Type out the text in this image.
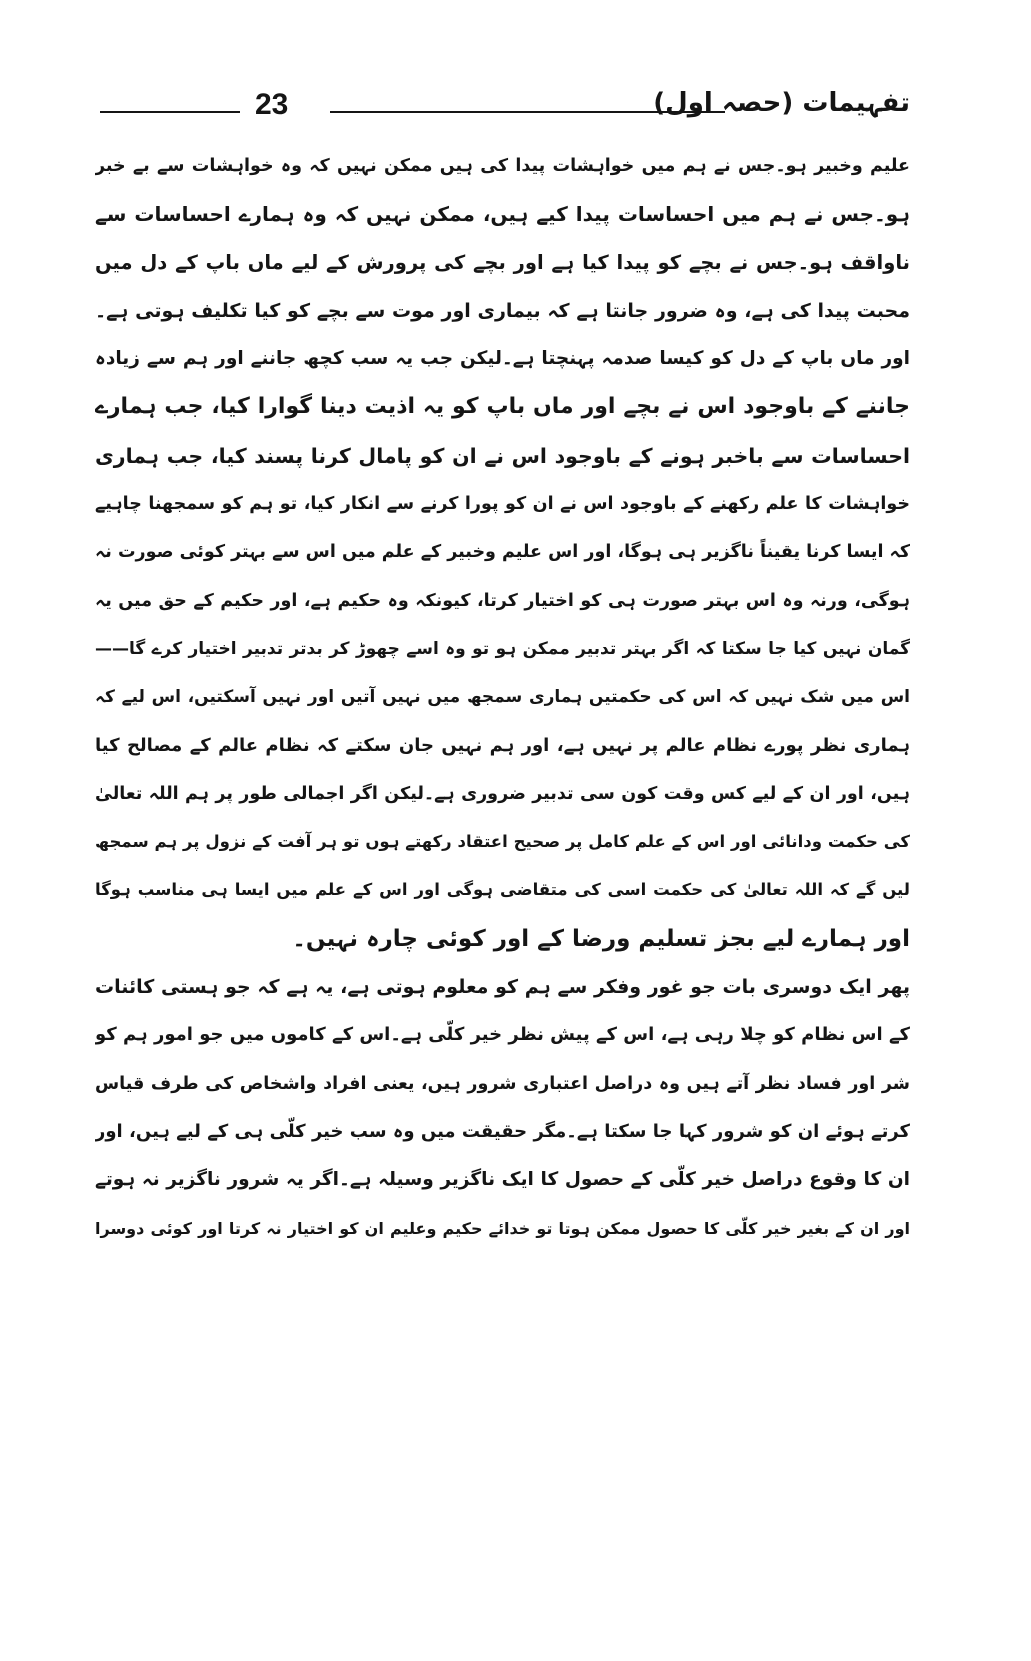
23	تفہیمات (حصہ اول)
علیم وخبیر ہو۔جس نے ہم میں خواہشات پیدا کی ہیں ممکن نہیں کہ وہ خواہشات سے بے خبر
ہو۔جس نے ہم میں احساسات پیدا کیے ہیں، ممکن نہیں کہ وہ ہمارے احساسات سے
ناواقف ہو۔جس نے بچے کو پیدا کیا ہے اور بچے کی پرورش کے لیے ماں باپ کے دل میں
محبت پیدا کی ہے، وہ ضرور جانتا ہے کہ بیماری اور موت سے بچے کو کیا تکلیف ہوتی ہے۔
اور ماں باپ کے دل کو کیسا صدمہ پہنچتا ہے۔لیکن جب یہ سب کچھ جاننے اور ہم سے زیادہ
جاننے کے باوجود اس نے بچے اور ماں باپ کو یہ اذیت دینا گوارا کیا، جب ہمارے
احساسات سے باخبر ہونے کے باوجود اس نے ان کو پامال کرنا پسند کیا، جب ہماری
خواہشات کا علم رکھنے کے باوجود اس نے ان کو پورا کرنے سے انکار کیا، تو ہم کو سمجھنا چاہیے
کہ ایسا کرنا یقیناً ناگزیر ہی ہوگا، اور اس علیم وخبیر کے علم میں اس سے بہتر کوئی صورت نہ
ہوگی، ورنہ وہ اس بہتر صورت ہی کو اختیار کرتا، کیونکہ وہ حکیم ہے، اور حکیم کے حق میں یہ
گمان نہیں کیا جا سکتا کہ اگر بہتر تدبیر ممکن ہو تو وہ اسے چھوڑ کر بدتر تدبیر اختیار کرے گا——
اس میں شک نہیں کہ اس کی حکمتیں ہماری سمجھ میں نہیں آتیں اور نہیں آسکتیں، اس لیے کہ
ہماری نظر پورے نظام عالم پر نہیں ہے، اور ہم نہیں جان سکتے کہ نظام عالم کے مصالح کیا
ہیں، اور ان کے لیے کس وقت کون سی تدبیر ضروری ہے۔لیکن اگر اجمالی طور پر ہم اللہ تعالیٰ
کی حکمت ودانائی اور اس کے علم کامل پر صحیح اعتقاد رکھتے ہوں تو ہر آفت کے نزول پر ہم سمجھ
لیں گے کہ اللہ تعالیٰ کی حکمت اسی کی متقاضی ہوگی اور اس کے علم میں ایسا ہی مناسب ہوگا
اور ہمارے لیے بجز تسلیم ورضا کے اور کوئی چارہ نہیں۔
پھر ایک دوسری بات جو غور وفکر سے ہم کو معلوم ہوتی ہے، یہ ہے کہ جو ہستی کائنات
کے اس نظام کو چلا رہی ہے، اس کے پیش نظر خیر کلّی ہے۔اس کے کاموں میں جو امور ہم کو
شر اور فساد نظر آتے ہیں وہ دراصل اعتباری شرور ہیں، یعنی افراد واشخاص کی طرف قیاس
کرتے ہوئے ان کو شرور کہا جا سکتا ہے۔مگر حقیقت میں وہ سب خیر کلّی ہی کے لیے ہیں، اور
ان کا وقوع دراصل خیر کلّی کے حصول کا ایک ناگزیر وسیلہ ہے۔اگر یہ شرور ناگزیر نہ ہوتے
اور ان کے بغیر خیر کلّی کا حصول ممکن ہوتا تو خدائے حکیم وعلیم ان کو اختیار نہ کرتا اور کوئی دوسرا
